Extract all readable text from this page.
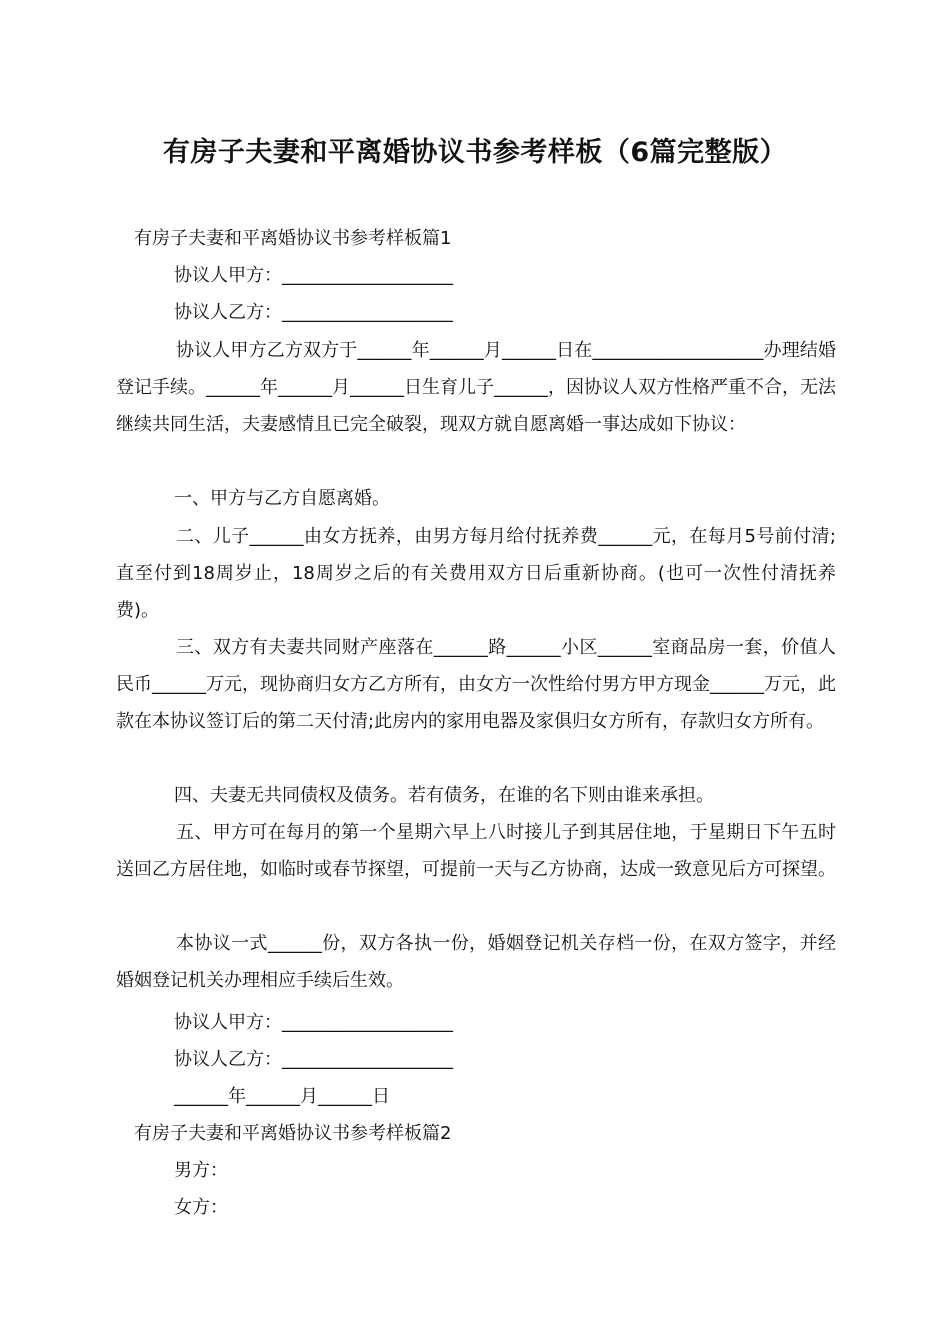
有房子夫妻和平离婚协议书参考样板（6篇完整版）
有房子夫妻和平离婚协议书参考样板篇1
协议人甲方：___________________
协议人乙方：___________________
协议人甲方乙方双方于______年______月______日在___________________办理结婚登记手续。______年______月______日生育儿子______，因协议人双方性格严重不合，无法继续共同生活，夫妻感情且已完全破裂，现双方就自愿离婚一事达成如下协议：
一、甲方与乙方自愿离婚。
二、儿子______由女方抚养，由男方每月给付抚养费______元，在每月5号前付清;直至付到18周岁止，18周岁之后的有关费用双方日后重新协商。(也可一次性付清抚养费)。
三、双方有夫妻共同财产座落在______路______小区______室商品房一套，价值人民币______万元，现协商归女方乙方所有，由女方一次性给付男方甲方现金______万元，此款在本协议签订后的第二天付清;此房内的家用电器及家俱归女方所有，存款归女方所有。
四、夫妻无共同债权及债务。若有债务，在谁的名下则由谁来承担。
五、甲方可在每月的第一个星期六早上八时接儿子到其居住地，于星期日下午五时送回乙方居住地，如临时或春节探望，可提前一天与乙方协商，达成一致意见后方可探望。
本协议一式______份，双方各执一份，婚姻登记机关存档一份，在双方签字，并经婚姻登记机关办理相应手续后生效。
协议人甲方：___________________
协议人乙方：___________________
______年______月______日
有房子夫妻和平离婚协议书参考样板篇2
男方：
女方：
